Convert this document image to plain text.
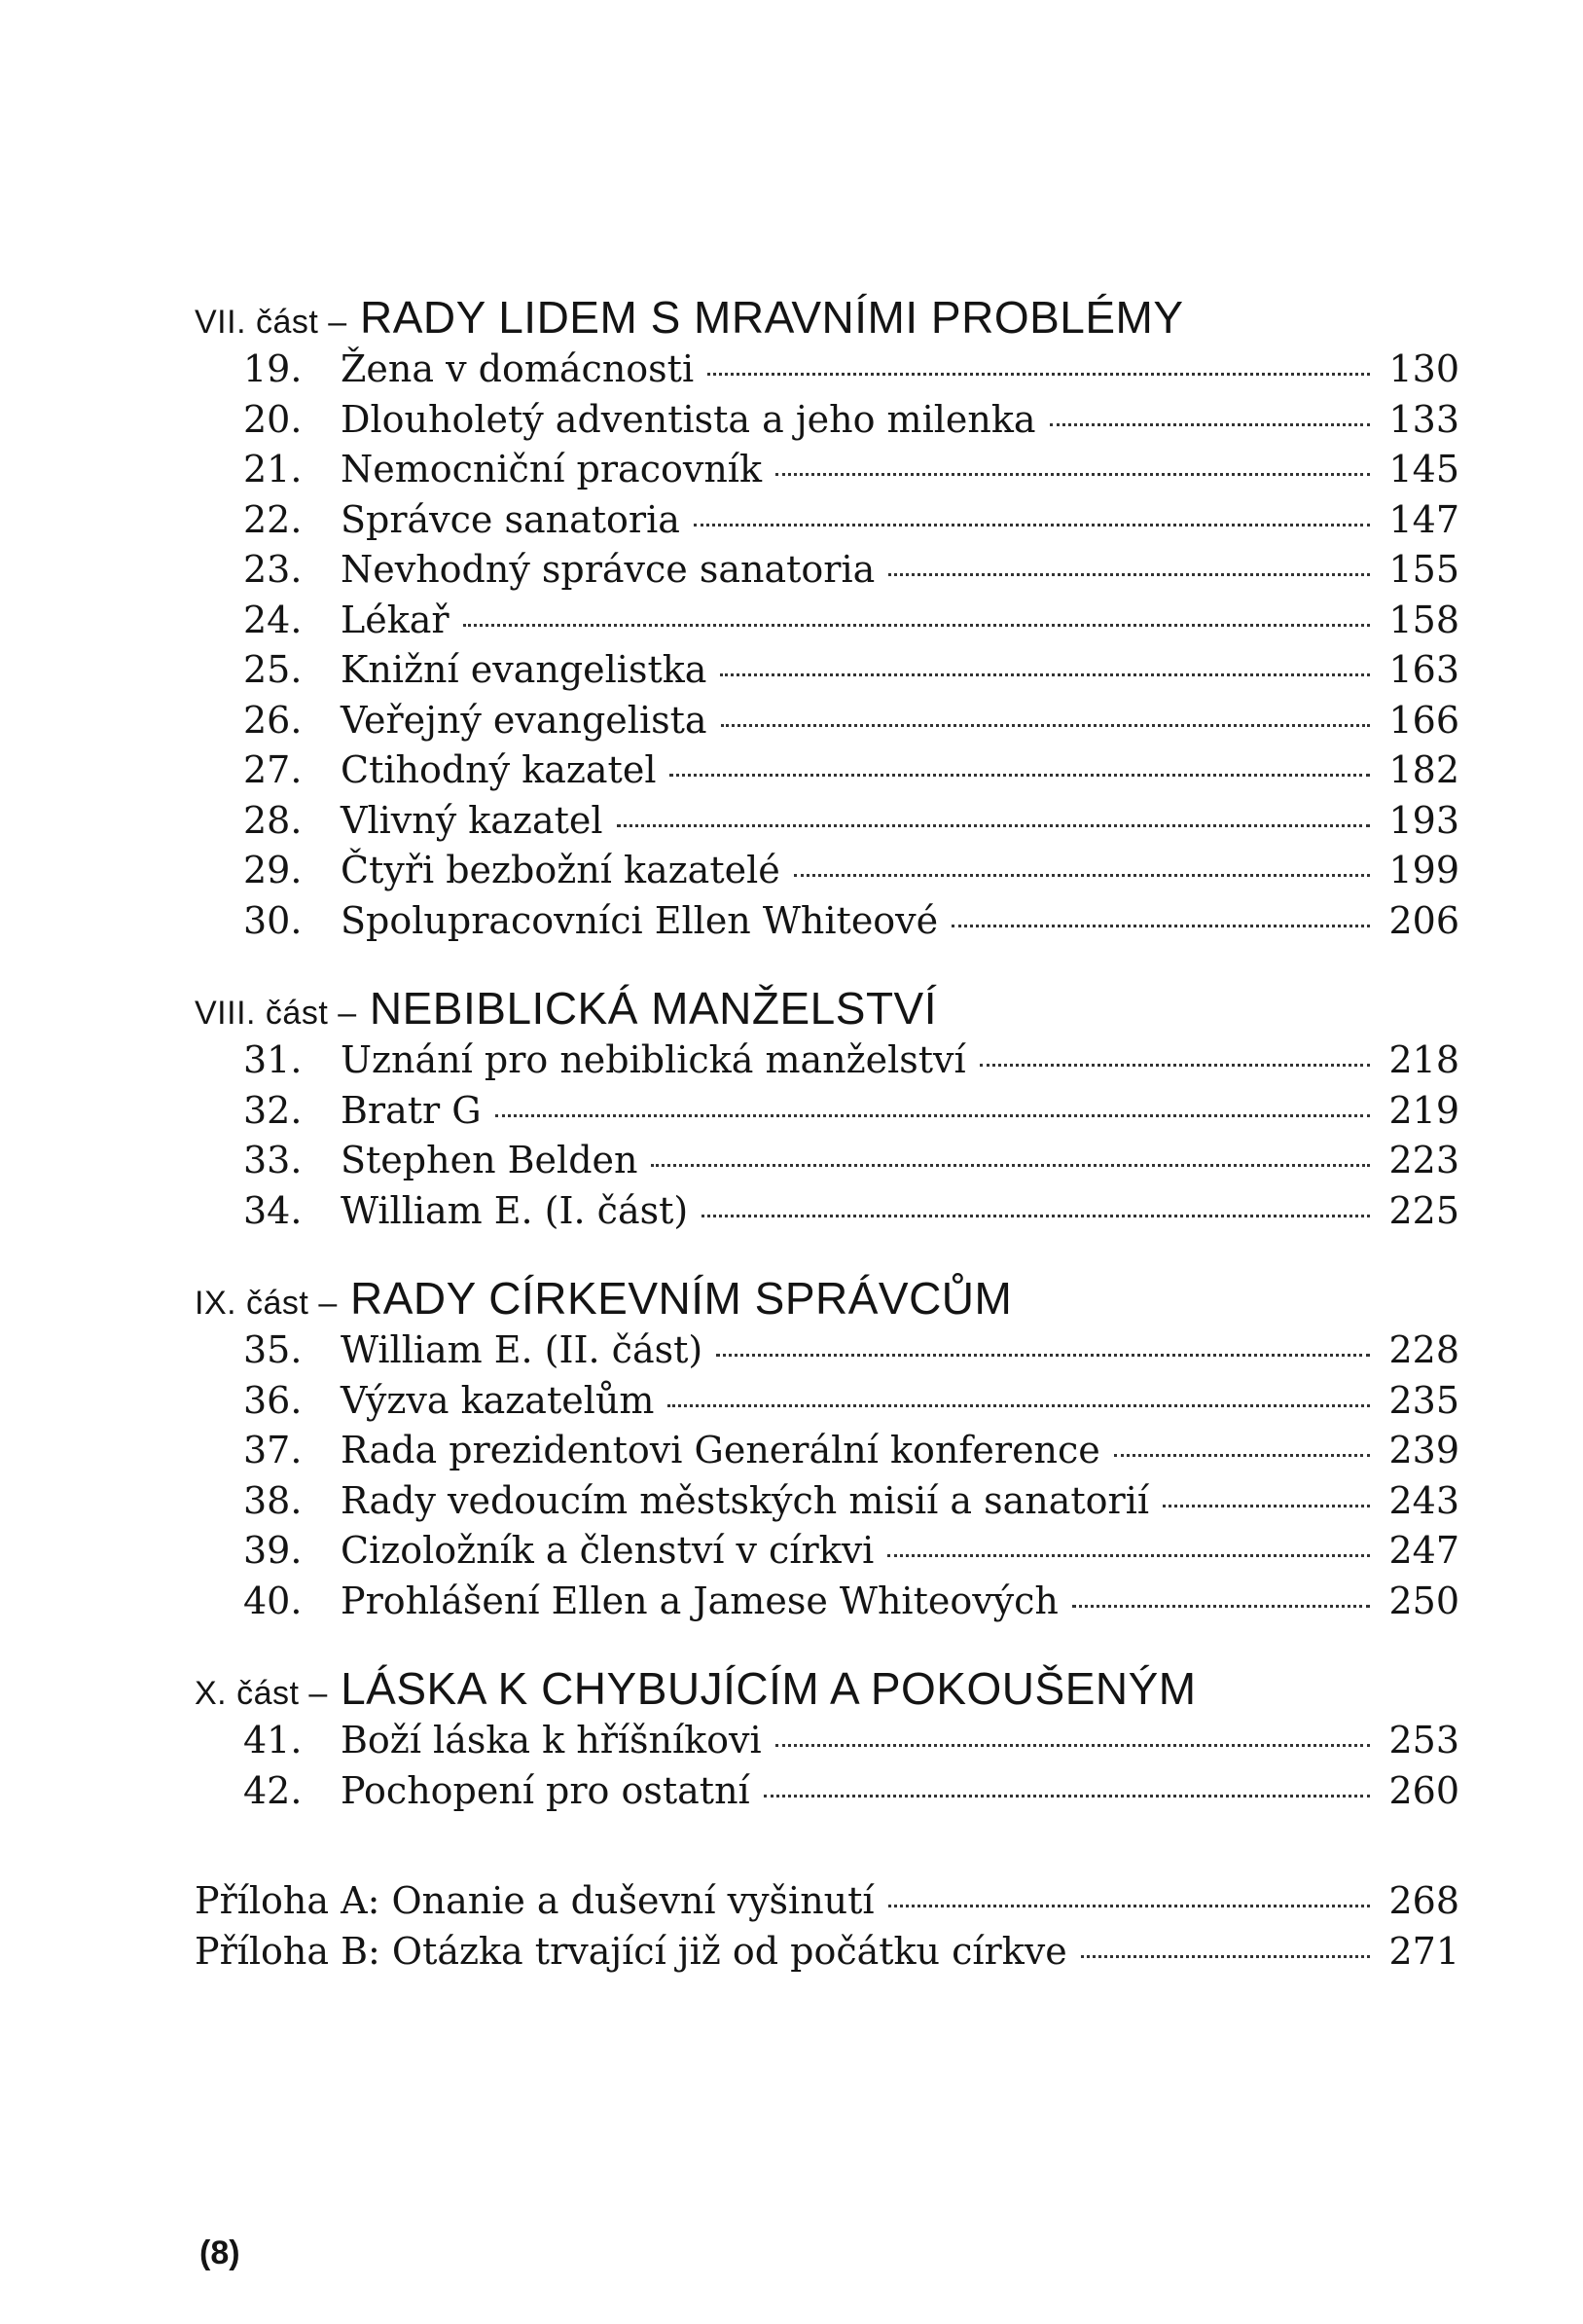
VII. část – RADY LIDEM S MRAVNÍMI PROBLÉMY
19.	Žena v domácnosti	130
20.	Dlouholetý adventista a jeho milenka	133
21.	Nemocniční pracovník	145
22.	Správce sanatoria	147
23.	Nevhodný správce sanatoria	155
24.	Lékař	158
25.	Knižní evangelistka	163
26.	Veřejný evangelista	166
27.	Ctihodný kazatel	182
28.	Vlivný kazatel	193
29.	Čtyři bezbožní kazatelé	199
30.	Spolupracovníci Ellen Whiteové	206
VIII. část – NEBIBLICKÁ MANŽELSTVÍ
31.	Uznání pro nebiblická manželství	218
32.	Bratr G	219
33.	Stephen Belden	223
34.	William E. (I. část)	225
IX. část – RADY CÍRKEVNÍM SPRÁVCŮM
35.	William E. (II. část)	228
36.	Výzva kazatelům	235
37.	Rada prezidentovi Generální konference	239
38.	Rady vedoucím městských misií a sanatorií	243
39.	Cizoložník a členství v církvi	247
40.	Prohlášení Ellen a Jamese Whiteových	250
X. část – LÁSKA K CHYBUJÍCÍM A POKOUŠENÝM
41.	Boží láska k hříšníkovi	253
42.	Pochopení pro ostatní	260
Příloha A: Onanie a duševní vyšinutí	268
Příloha B: Otázka trvající již od počátku církve	271
(8)
